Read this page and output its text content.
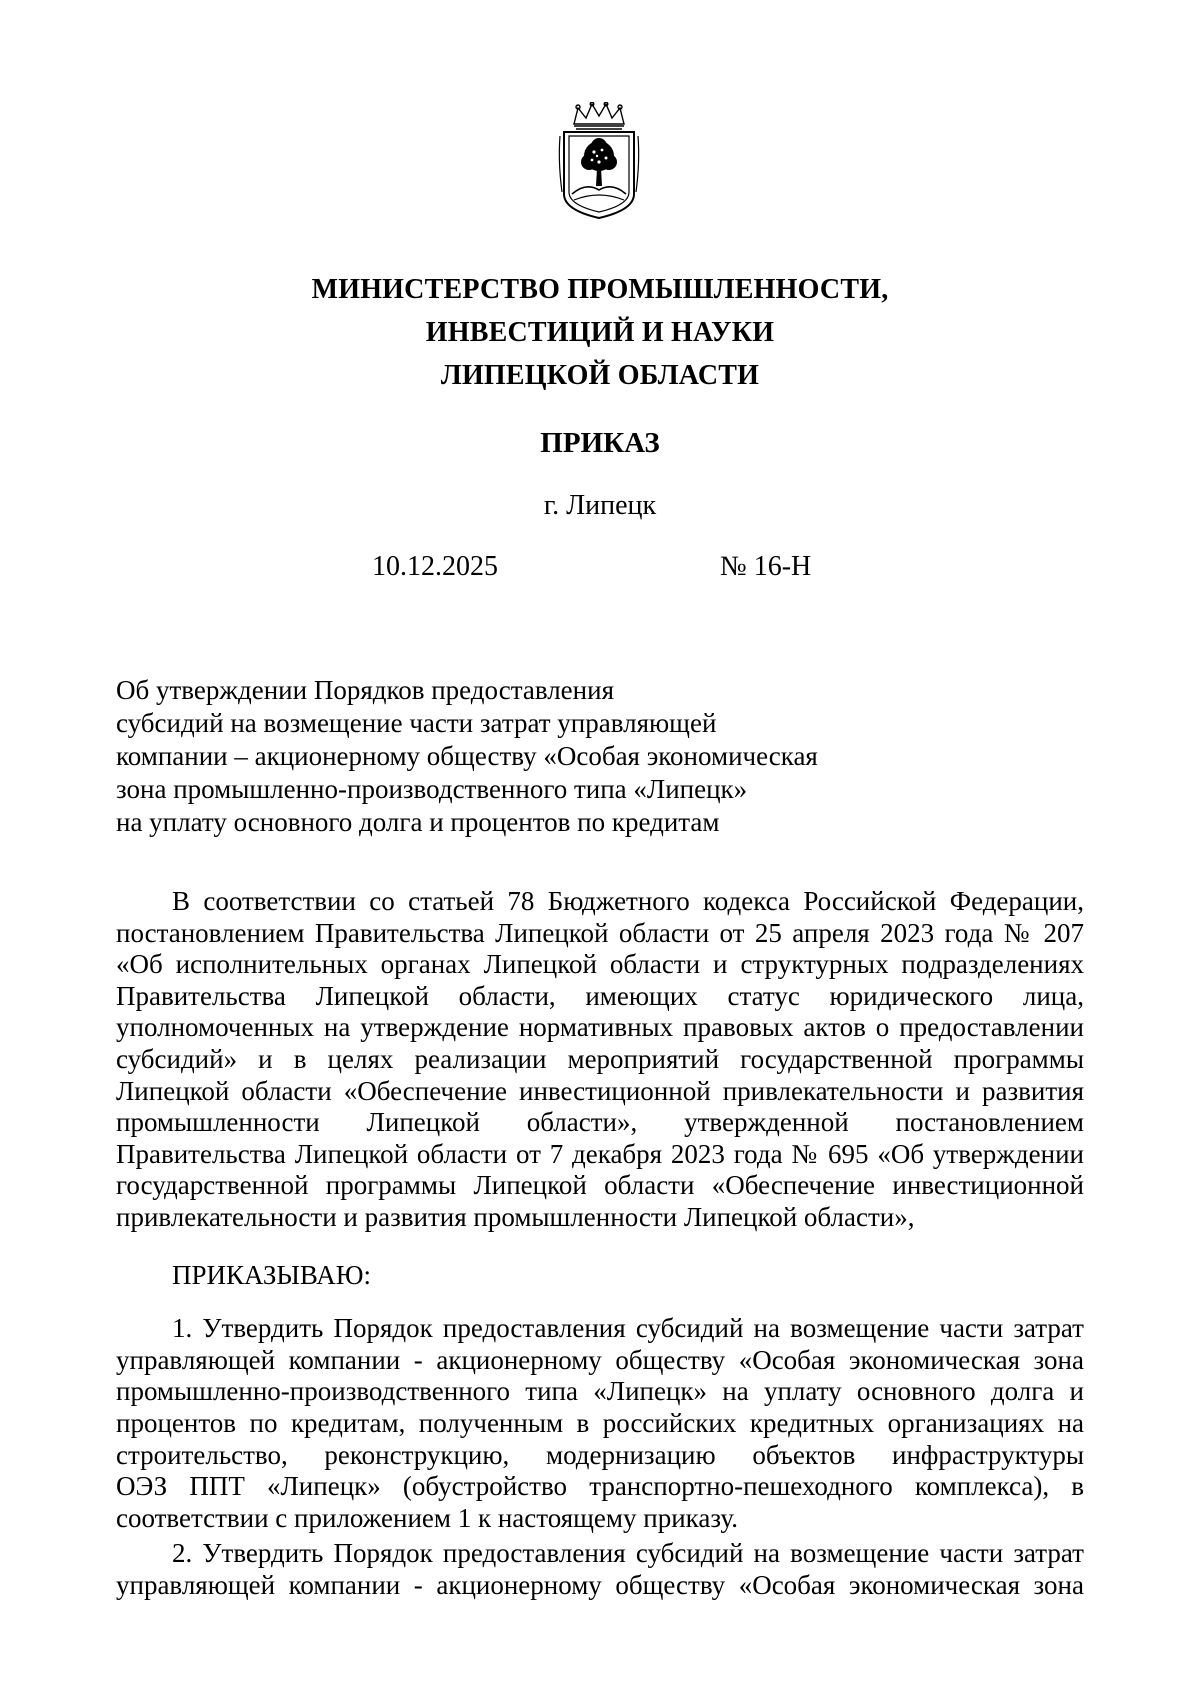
МИНИСТЕРСТВО ПРОМЫШЛЕННОСТИ,
ИНВЕСТИЦИЙ И НАУКИ
ЛИПЕЦКОЙ ОБЛАСТИ
ПРИКАЗ
г. Липецк
10.12.2025	№ 16-Н
Об утверждении Порядков предоставления
субсидий на возмещение части затрат управляющей
компании – акционерному обществу «Особая экономическая
зона промышленно-производственного типа «Липецк»
на уплату основного долга и процентов по кредитам
В соответствии со статьей 78 Бюджетного кодекса Российской Федерации,
постановлением Правительства Липецкой области от 25 апреля 2023 года № 207
«Об исполнительных органах Липецкой области и структурных подразделениях
Правительства Липецкой области, имеющих статус юридического лица,
уполномоченных на утверждение нормативных правовых актов о предоставлении
субсидий» и в целях реализации мероприятий государственной программы
Липецкой области «Обеспечение инвестиционной привлекательности и развития
промышленности Липецкой области», утвержденной постановлением
Правительства Липецкой области от 7 декабря 2023 года № 695 «Об утверждении
государственной программы Липецкой области «Обеспечение инвестиционной
привлекательности и развития промышленности Липецкой области»,
ПРИКАЗЫВАЮ:
1. Утвердить Порядок предоставления субсидий на возмещение части затрат
управляющей компании - акционерному обществу «Особая экономическая зона
промышленно-производственного типа «Липецк» на уплату основного долга и
процентов по кредитам, полученным в российских кредитных организациях на
строительство, реконструкцию, модернизацию объектов инфраструктуры
ОЭЗ ППТ «Липецк» (обустройство транспортно-пешеходного комплекса), в
соответствии с приложением 1 к настоящему приказу.
2. Утвердить Порядок предоставления субсидий на возмещение части затрат
управляющей компании - акционерному обществу «Особая экономическая зона
